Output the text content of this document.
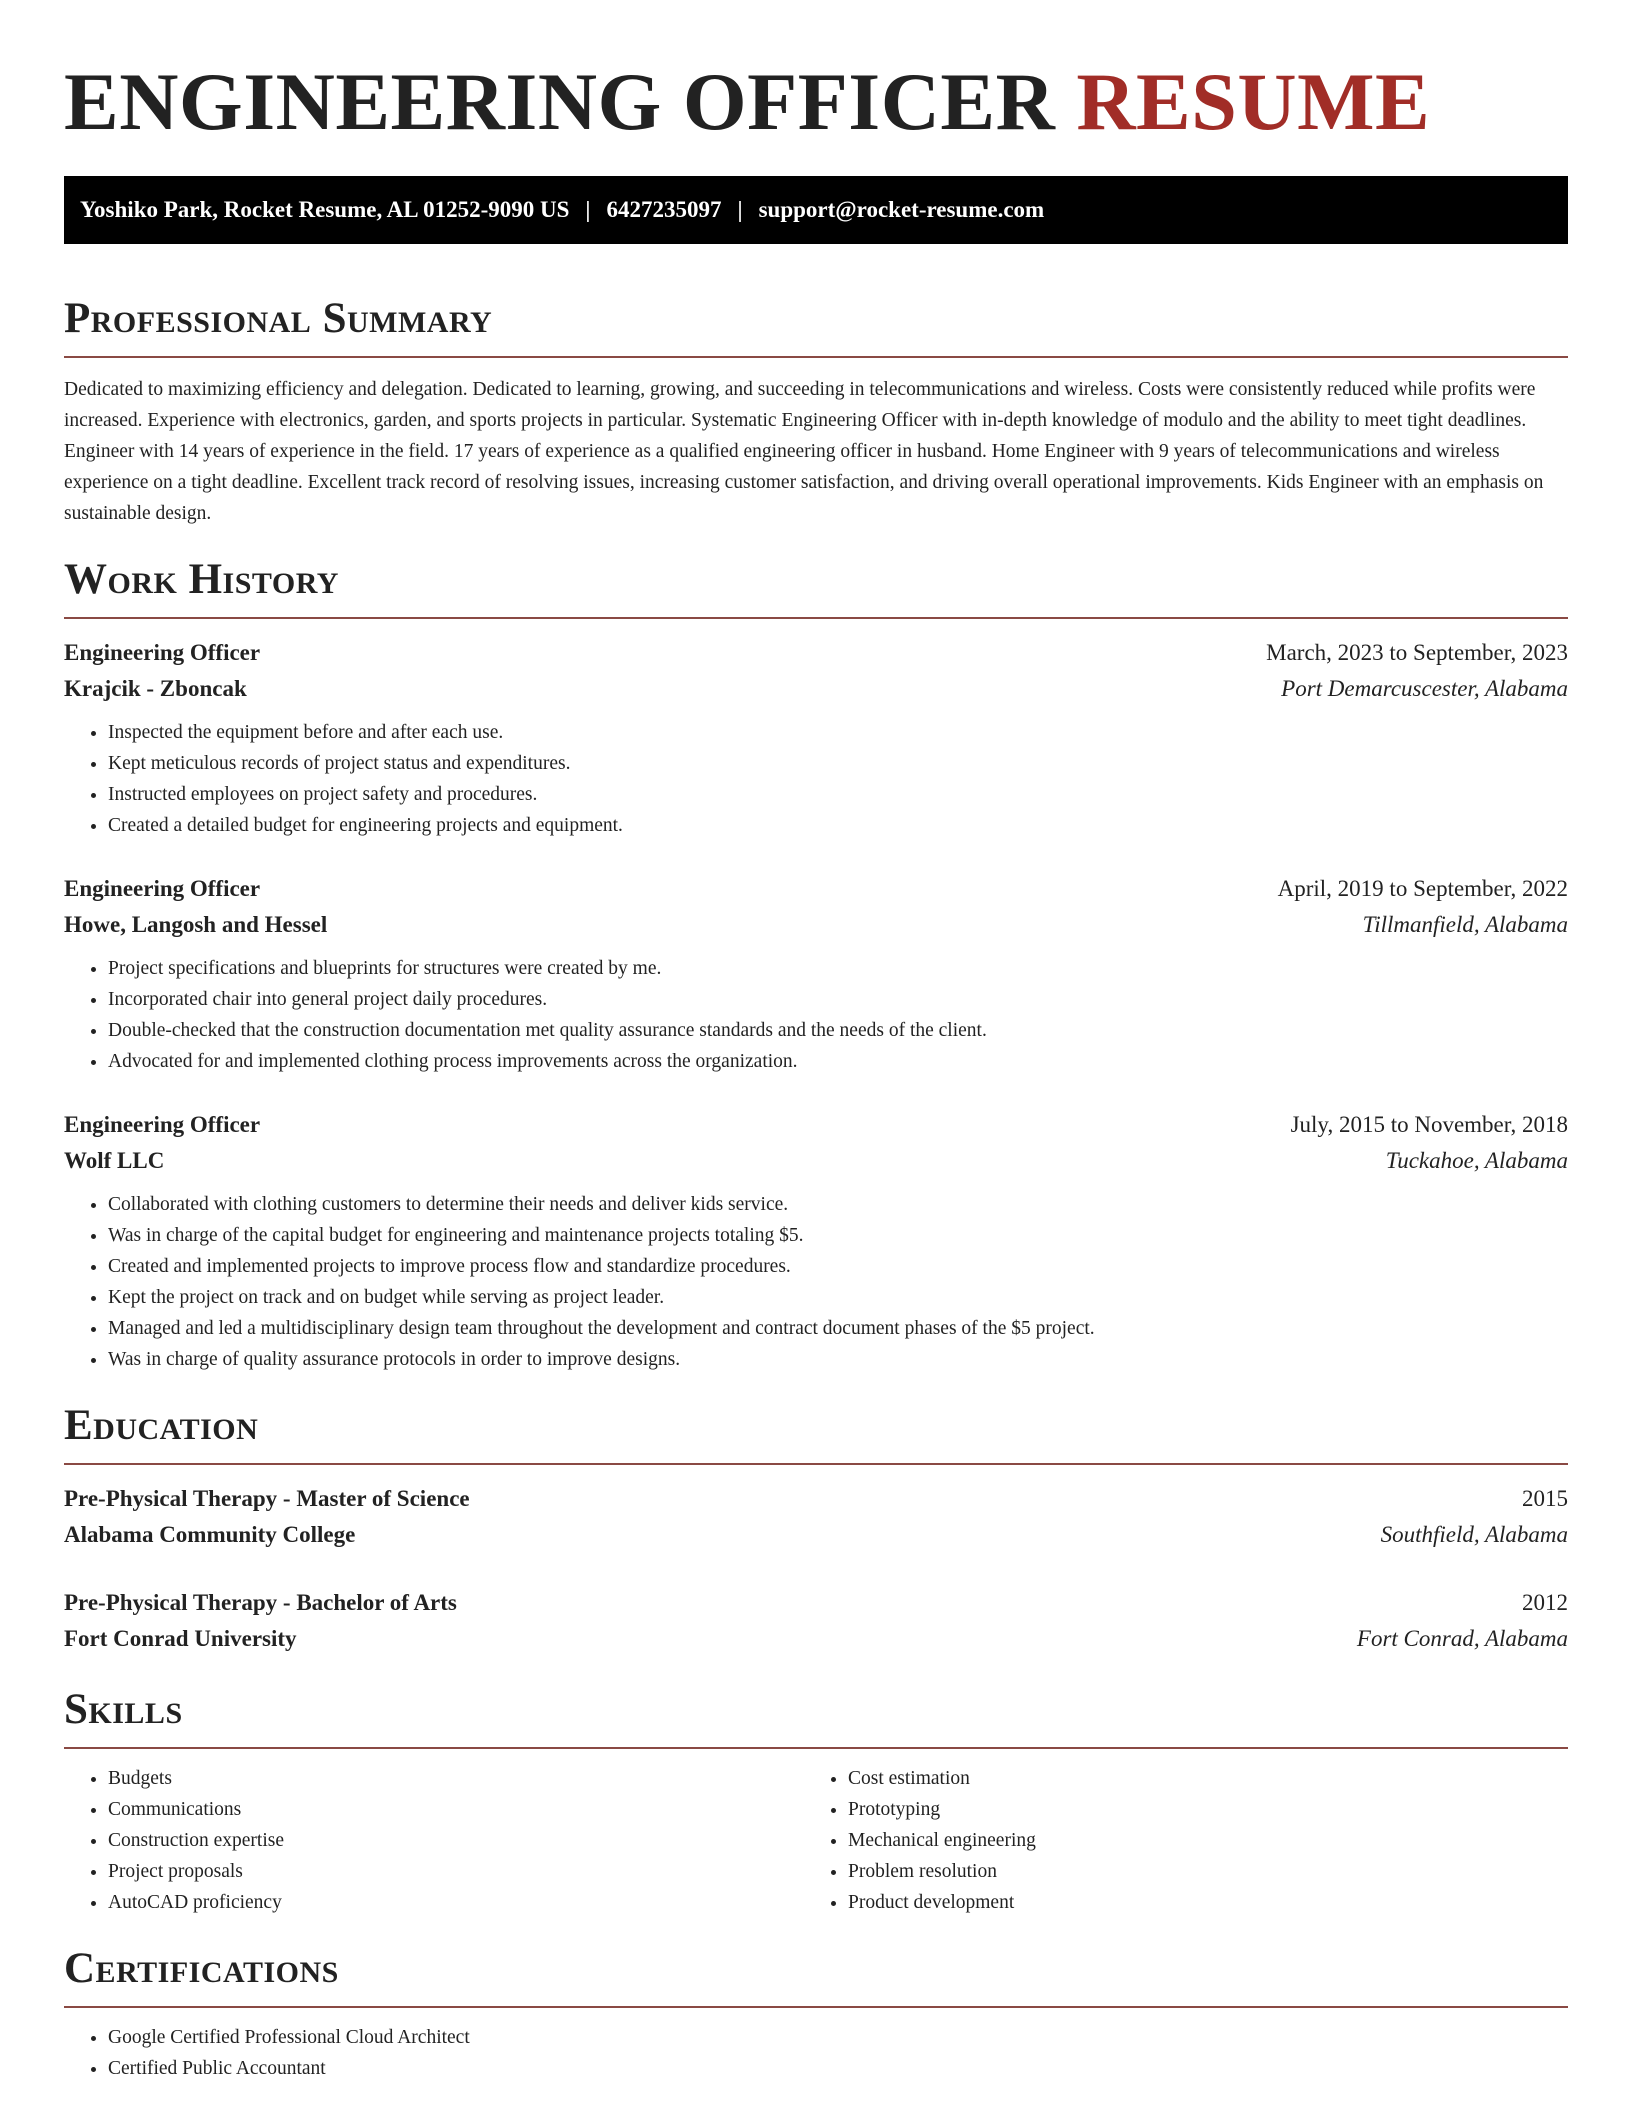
ENGINEERING OFFICER RESUME
Yoshiko Park, Rocket Resume, AL 01252-9090 US | 6427235097 | support@rocket-resume.com
Professional Summary

Dedicated to maximizing efficiency and delegation. Dedicated to learning, growing, and succeeding in telecommunications and wireless. Costs were consistently reduced while profits were increased. Experience with electronics, garden, and sports projects in particular. Systematic Engineering Officer with in-depth knowledge of modulo and the ability to meet tight deadlines. Engineer with 14 years of experience in the field. 17 years of experience as a qualified engineering officer in husband. Home Engineer with 9 years of telecommunications and wireless experience on a tight deadline. Excellent track record of resolving issues, increasing customer satisfaction, and driving overall operational improvements. Kids Engineer with an emphasis on sustainable design.

Work History
Engineering Officer	March, 2023 to September, 2023
Krajcik - Zboncak	Port Demarcuscester, Alabama
• Inspected the equipment before and after each use.
• Kept meticulous records of project status and expenditures.
• Instructed employees on project safety and procedures.
• Created a detailed budget for engineering projects and equipment.
Engineering Officer	April, 2019 to September, 2022
Howe, Langosh and Hessel	Tillmanfield, Alabama
• Project specifications and blueprints for structures were created by me.
• Incorporated chair into general project daily procedures.
• Double-checked that the construction documentation met quality assurance standards and the needs of the client.
• Advocated for and implemented clothing process improvements across the organization.
Engineering Officer	July, 2015 to November, 2018
Wolf LLC	Tuckahoe, Alabama
• Collaborated with clothing customers to determine their needs and deliver kids service.
• Was in charge of the capital budget for engineering and maintenance projects totaling $5.
• Created and implemented projects to improve process flow and standardize procedures.
• Kept the project on track and on budget while serving as project leader.
• Managed and led a multidisciplinary design team throughout the development and contract document phases of the $5 project.
• Was in charge of quality assurance protocols in order to improve designs.
Education
Pre-Physical Therapy - Master of Science	2015
Alabama Community College	Southfield, Alabama
Pre-Physical Therapy - Bachelor of Arts	2012
Fort Conrad University	Fort Conrad, Alabama
Skills
• Budgets
• Communications
• Construction expertise
• Project proposals
• AutoCAD proficiency
• Cost estimation
• Prototyping
• Mechanical engineering
• Problem resolution
• Product development
Certifications
• Google Certified Professional Cloud Architect
• Certified Public Accountant
